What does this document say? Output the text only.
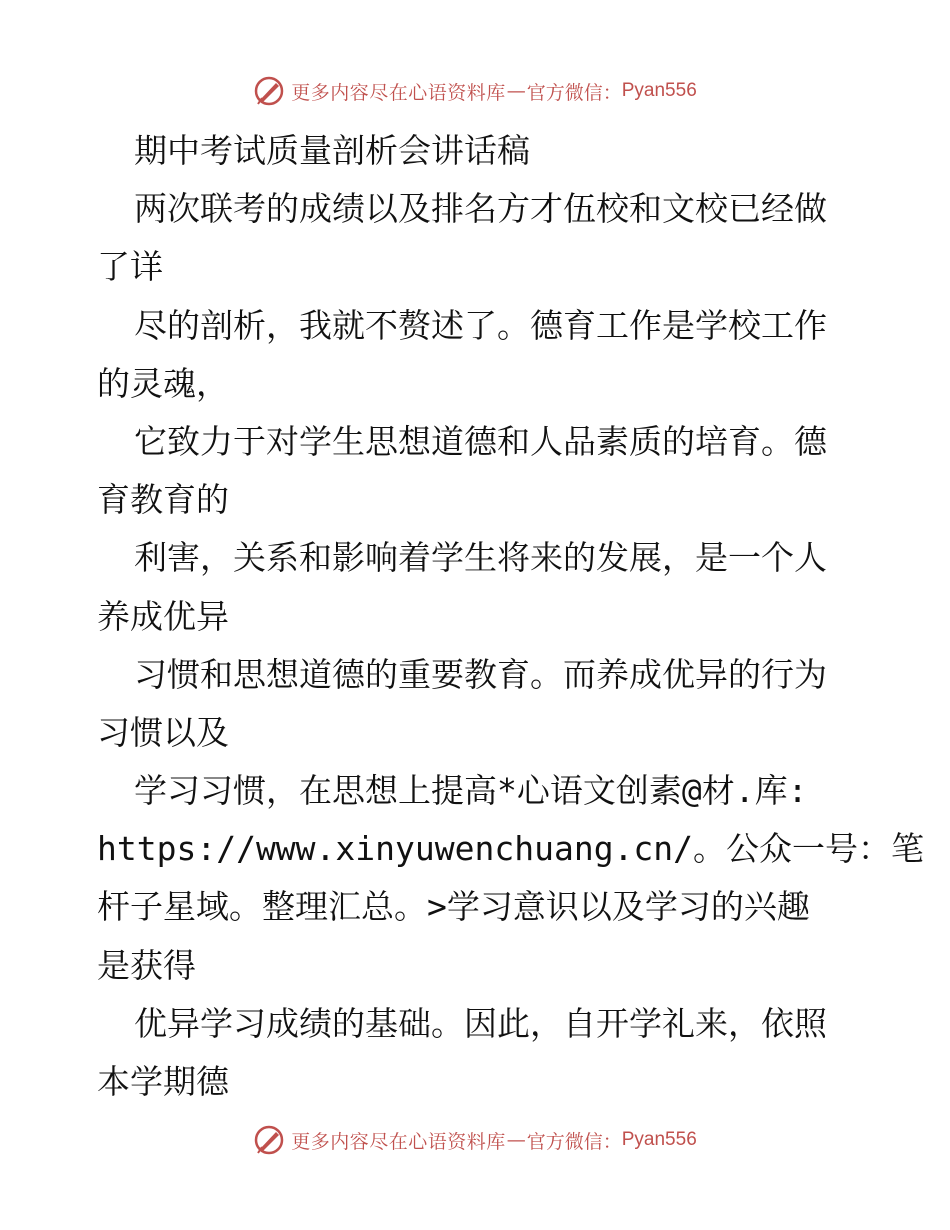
更多内容尽在心语资料库 — 官方微信： Pyan556
期中考试质量剖析会讲话稿
两次联考的成绩以及排名方才伍校和文校已经做
了详
尽的剖析，我就不赘述了。德育工作是学校工作
的灵魂，
它致力于对学生思想道德和人品素质的培育。德
育教育的
利害，关系和影响着学生将来的发展，是一个人
养成优异
习惯和思想道德的重要教育。而养成优异的行为
习惯以及
学习习惯，在思想上提高*心语文创素@材.库:
https://www.xinyuwenchuang.cn/。公众一号：笔
杆子星域。整理汇总。>学习意识以及学习的兴趣
是获得
优异学习成绩的基础。因此，自开学礼来，依照
本学期德
更多内容尽在心语资料库 — 官方微信： Pyan556
